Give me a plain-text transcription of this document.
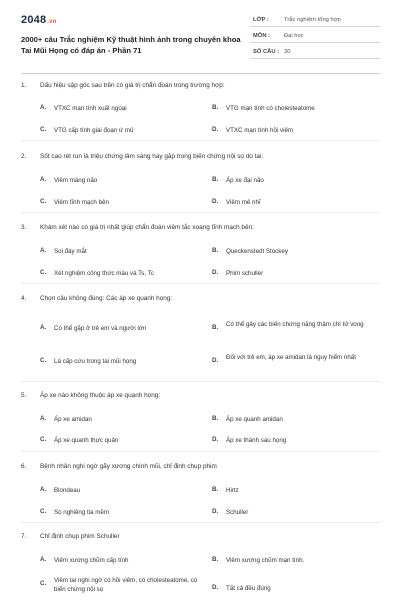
2048.vn
2000+ câu Trắc nghiệm Kỹ thuật hình ảnh trong chuyên khoa Tai Mũi Họng có đáp án - Phần 71
LỚP :	Trắc nghiệm tổng hợp
MÔN : Đại học
SỐ CÂU : 30
1. Dấu hiệu sập góc sau trên có giá trị chẩn đoán trong trường hợp:
A. VTXC mạn tính xuất ngoại	B. VTG mạn tính có cholesteatome
C. VTG cấp tính giai đoạn ứ mủ	D. VTXC mạn tính hồi viêm
2. Sốt cao rét run là triệu chứng lâm sàng hay gặp trong biến chứng nội sọ do tai:
A. Viêm màng não	B. Áp xe đại não
C. Viêm tĩnh mạch bên	D. Viêm mê nhĩ
3. Khám xét nào có giá trị nhất giúp chẩn đoán viêm tắc xoang tĩnh mạch bên:
A. Soi đáy mắt	B. Queckenstedt Stockey
C. Xét nghiệm công thức máu và Ts, Tc	D. Phim schuller
4. Chọn câu không đúng: Các áp xe quanh họng:
A. Có thể gặp ở trẻ em và người lớn	B. Có thể gây các biến chứng nặng thậm chí tử vong
C. Là cấp cứu trong tai mũi họng	D. Đối với trẻ em, áp xe amidan là nguy hiểm nhất
5. Áp xe nào không thuộc áp xe quanh họng:
A. Áp xe amidan	B. Áp xe quanh amidan
C. Áp xe quanh thực quản	D. Áp xe thành sau họng
6. Bệnh nhân nghi ngờ gãy xương chính mũi, chỉ định chụp phim
A. Blondeau	B. Hirtz
C. Sọ nghiêng tia mềm	D. Schuller
7. Chỉ định chụp phim Schuller
A. Viêm xương chũm cấp tính	B. Viêm xương chũm mạn tính.
C. Viêm tai nghi ngờ có hồi viêm, có cholesteatome, có biến chứng nội sọ	D. Tất cả đều đúng
